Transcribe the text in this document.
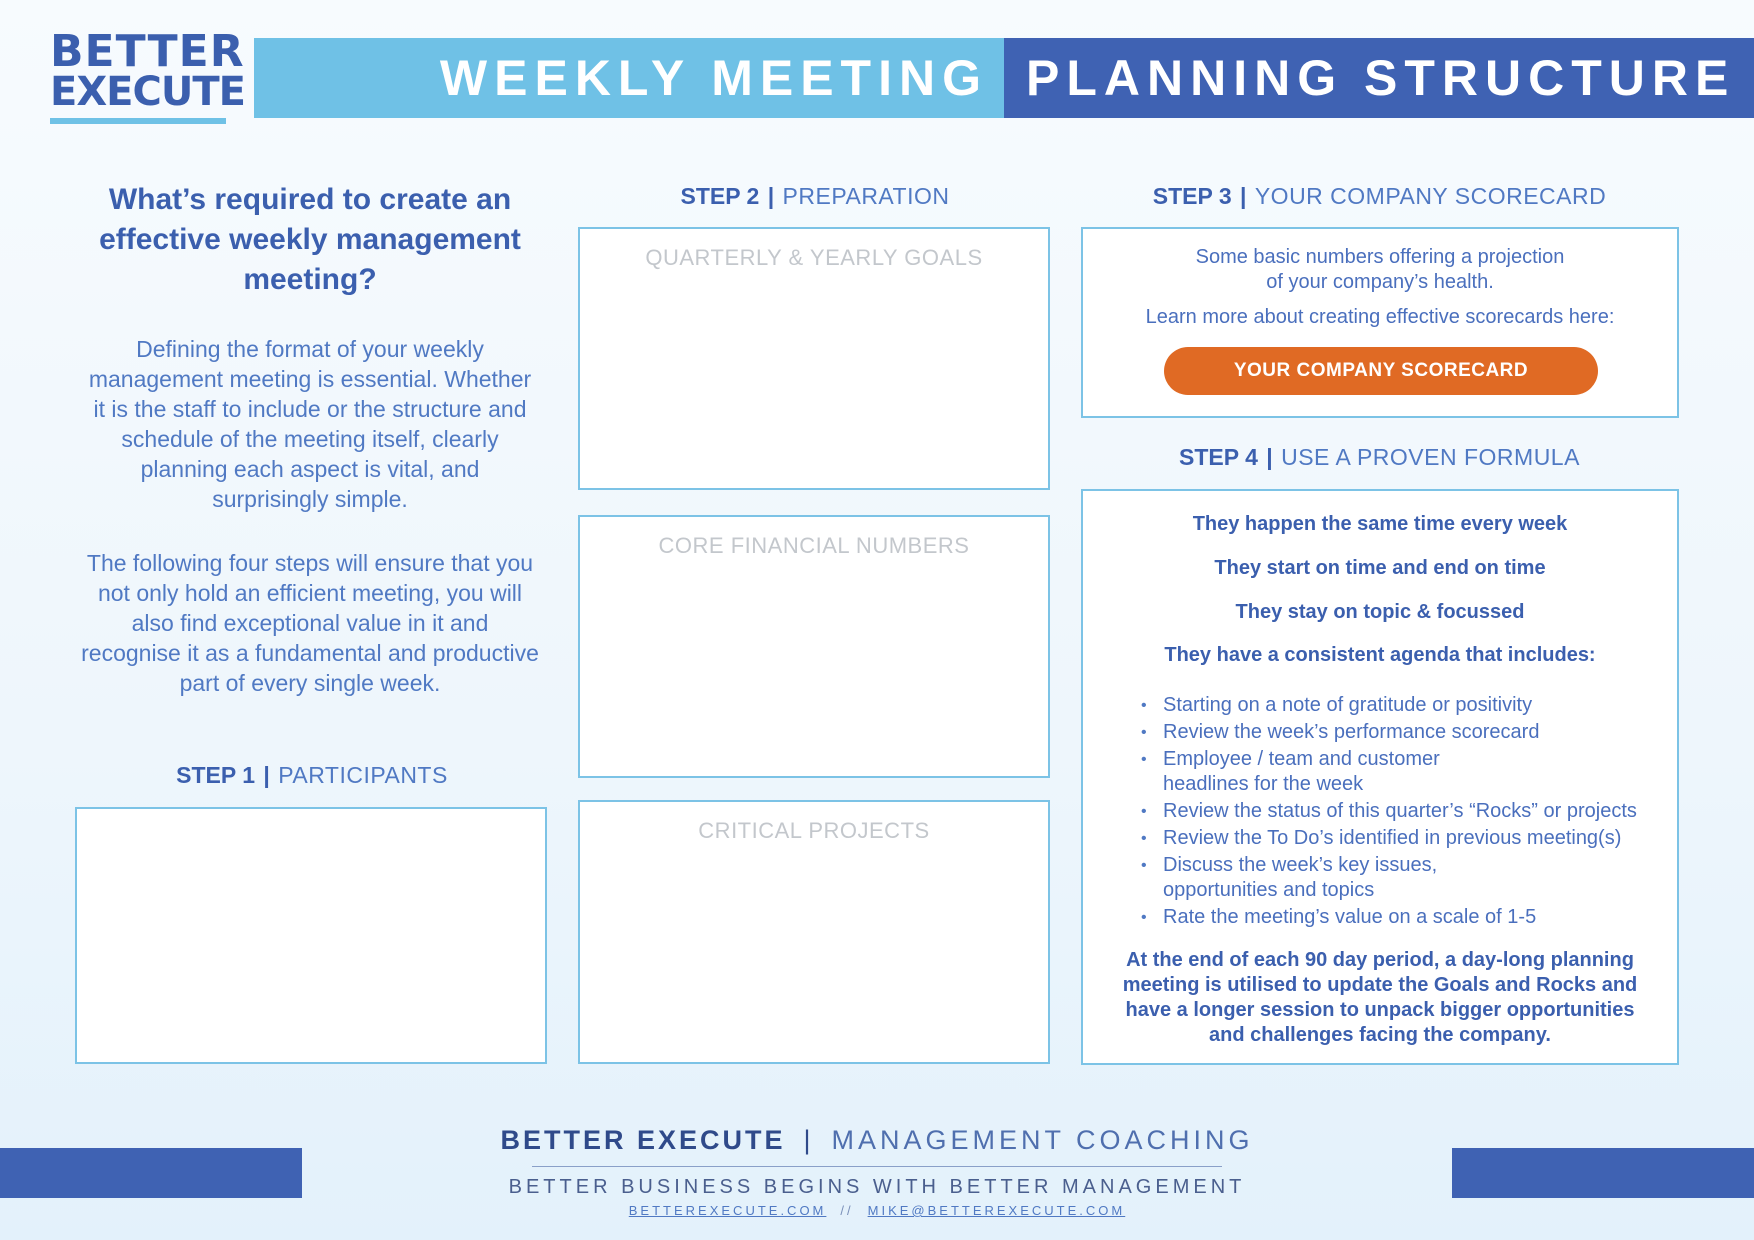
BETTER
EXECUTE	WEEKLY MEETING PLANNING STRUCTURE
What’s required to create an effective weekly management meeting?
Defining the format of your weekly management meeting is essential. Whether it is the staff to include or the structure and schedule of the meeting itself, clearly planning each aspect is vital, and surprisingly simple.
The following four steps will ensure that you not only hold an efficient meeting, you will also find exceptional value in it and recognise it as a fundamental and productive part of every single week.
STEP 1 | PARTICIPANTS
STEP 2 | PREPARATION
QUARTERLY & YEARLY GOALS
CORE FINANCIAL NUMBERS
CRITICAL PROJECTS
STEP 3 | YOUR COMPANY SCORECARD
Some basic numbers offering a projection
of your company’s health.
Learn more about creating effective scorecards here:
YOUR COMPANY SCORECARD
STEP 4 | USE A PROVEN FORMULA
They happen the same time every week
They start on time and end on time
They stay on topic & focussed
They have a consistent agenda that includes:
• Starting on a note of gratitude or positivity
• Review the week’s performance scorecard
• Employee / team and customer
headlines for the week
• Review the status of this quarter’s “Rocks” or projects
• Review the To Do’s identified in previous meeting(s)
• Discuss the week’s key issues,
opportunities and topics
• Rate the meeting’s value on a scale of 1-5
At the end of each 90 day period, a day-long planning meeting is utilised to update the Goals and Rocks and have a longer session to unpack bigger opportunities and challenges facing the company.
BETTER EXECUTE | MANAGEMENT COACHING
BETTER BUSINESS BEGINS WITH BETTER MANAGEMENT
BETTEREXECUTE.COM // MIKE@BETTEREXECUTE.COM
